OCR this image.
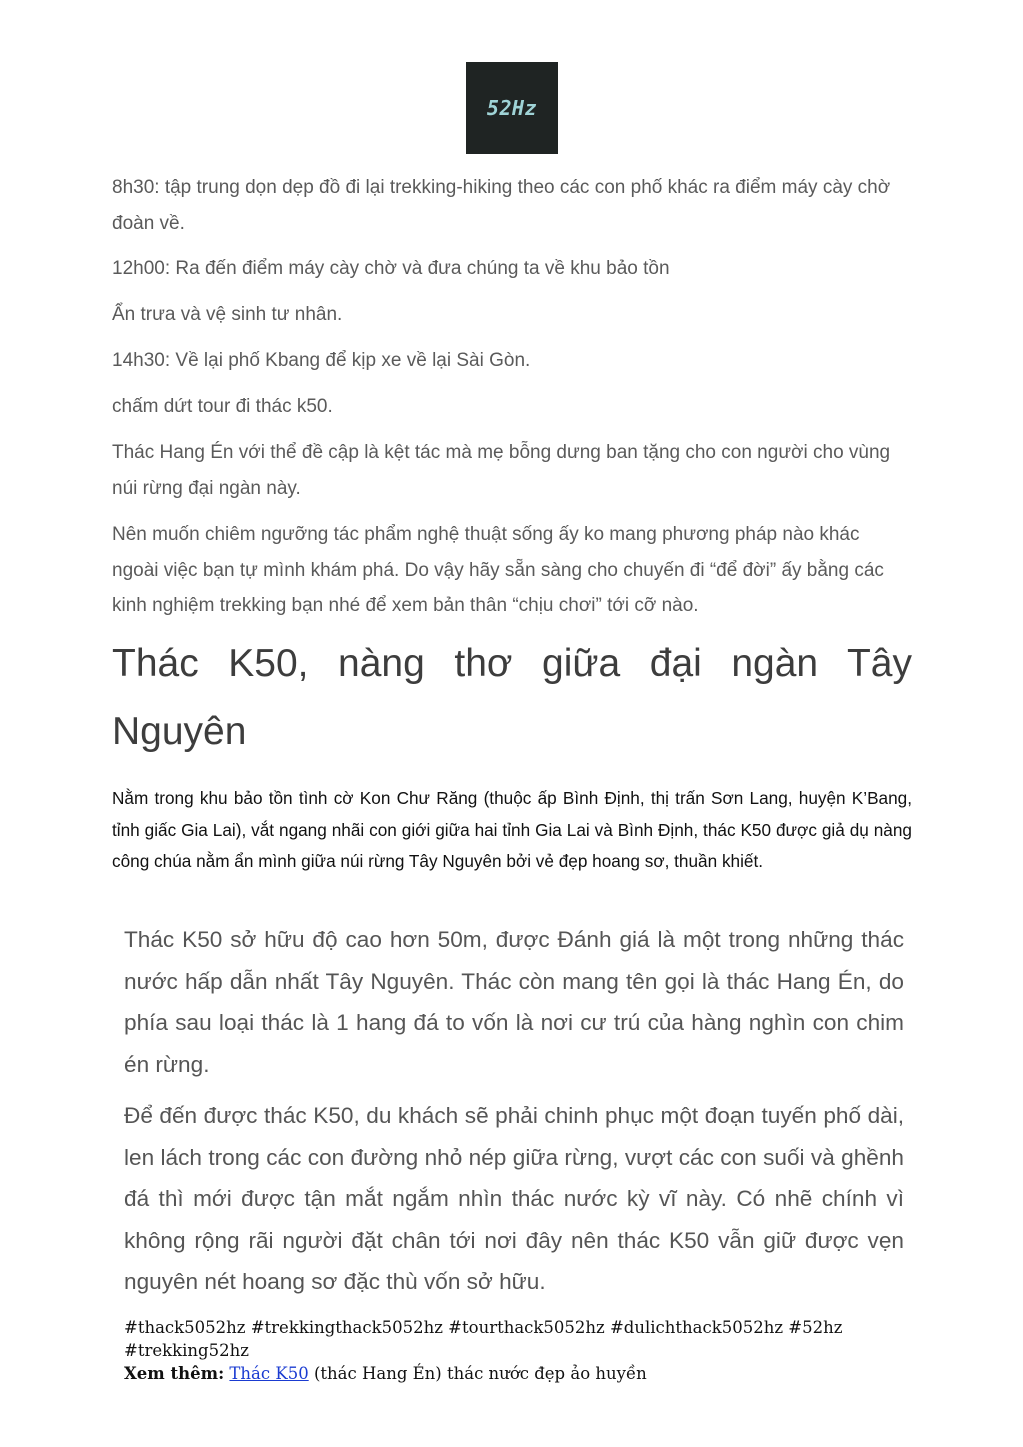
52Hz

8h30: tập trung dọn dẹp đồ đi lại trekking-hiking theo các con phố khác ra điểm máy cày chờ đoàn về.

12h00: Ra đến điểm máy cày chờ và đưa chúng ta về khu bảo tồn

Ẩn trưa và vệ sinh tư nhân.

14h30: Về lại phố Kbang để kịp xe về lại Sài Gòn.

chấm dứt tour đi thác k50.

Thác Hang Én với thể đề cập là kệt tác mà mẹ bỗng dưng ban tặng cho con người cho vùng núi rừng đại ngàn này.

Nên muốn chiêm ngưỡng tác phẩm nghệ thuật sống ấy ko mang phương pháp nào khác ngoài việc bạn tự mình khám phá. Do vậy hãy sẵn sàng cho chuyến đi “để đời” ấy bằng các kinh nghiệm trekking bạn nhé để xem bản thân “chịu chơi” tới cỡ nào.

Thác K50, nàng thơ giữa đại ngàn Tây Nguyên

Nằm trong khu bảo tồn tình cờ Kon Chư Răng (thuộc ấp Bình Định, thị trấn Sơn Lang, huyện K’Bang, tỉnh giấc Gia Lai), vắt ngang nhãi con giới giữa hai tỉnh Gia Lai và Bình Định, thác K50 được giả dụ nàng công chúa nằm ẩn mình giữa núi rừng Tây Nguyên bởi vẻ đẹp hoang sơ, thuần khiết.

Thác K50 sở hữu độ cao hơn 50m, được Đánh giá là một trong những thác nước hấp dẫn nhất Tây Nguyên. Thác còn mang tên gọi là thác Hang Én, do phía sau loại thác là 1 hang đá to vốn là nơi cư trú của hàng nghìn con chim én rừng.

Để đến được thác K50, du khách sẽ phải chinh phục một đoạn tuyến phố dài, len lách trong các con đường nhỏ nép giữa rừng, vượt các con suối và ghềnh đá thì mới được tận mắt ngắm nhìn thác nước kỳ vĩ này. Có nhẽ chính vì không rộng rãi người đặt chân tới nơi đây nên thác K50 vẫn giữ được vẹn nguyên nét hoang sơ đặc thù vốn sở hữu.

#thack5052hz #trekkingthack5052hz #tourthack5052hz #dulichthack5052hz #52hz #trekking52hz

Xem thêm: Thác K50 (thác Hang Én) thác nước đẹp ảo huyền
